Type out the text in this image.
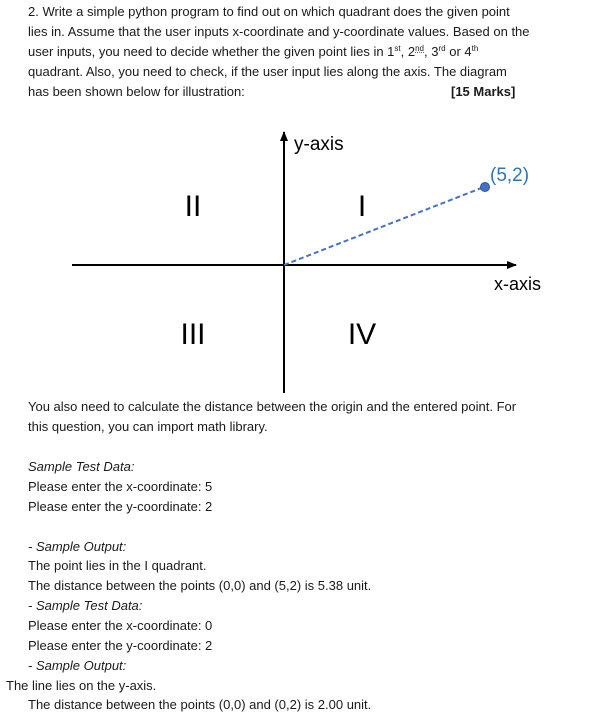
2. Write a simple python program to find out on which quadrant does the given point
lies in. Assume that the user inputs x-coordinate and y-coordinate values. Based on the
user inputs, you need to decide whether the given point lies in 1st, 2nd, 3rd or 4th
quadrant. Also, you need to check, if the user input lies along the axis. The diagram
has been shown below for illustration:	[15 Marks]
y-axis
x-axis
(5,2)
II	I
III	IV
You also need to calculate the distance between the origin and the entered point. For
this question, you can import math library.
Sample Test Data:
Please enter the x-coordinate: 5
Please enter the y-coordinate: 2
- Sample Output:
The point lies in the I quadrant.
The distance between the points (0,0) and (5,2) is 5.38 unit.
- Sample Test Data:
Please enter the x-coordinate: 0
Please enter the y-coordinate: 2
- Sample Output:
The line lies on the y-axis.
The distance between the points (0,0) and (0,2) is 2.00 unit.
